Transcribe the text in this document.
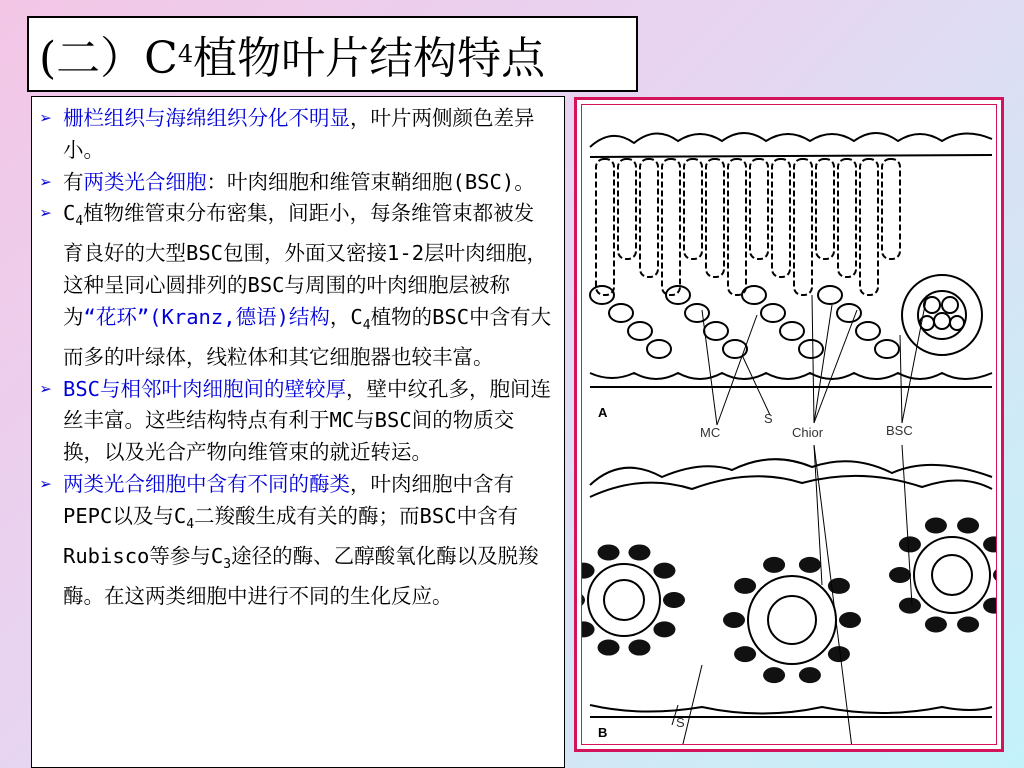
(二）C 4 植物叶片结构特点
➢ 栅栏组织与海绵组织分化不明显，叶片两侧颜色差异小。
➢ 有两类光合细胞：叶肉细胞和维管束鞘细胞(BSC)。
➢ $C_4$植物维管束分布密集，间距小，每条维管束都被发育良好的大型BSC包围，外面又密接1-2层叶肉细胞，这种呈同心圆排列的BSC与周围的叶肉细胞层被称为“花环”(Kranz,德语)结构，$C_4$植物的BSC中含有大而多的叶绿体，线粒体和其它细胞器也较丰富。
➢ BSC与相邻叶肉细胞间的壁较厚，壁中纹孔多，胞间连丝丰富。这些结构特点有利于MC与BSC间的物质交换，以及光合产物向维管束的就近转运。
➢ 两类光合细胞中含有不同的酶类，叶肉细胞中含有PEPC以及与$C_4$二羧酸生成有关的酶；而BSC中含有Rubisco等参与$C_3$途径的酶、乙醇酸氧化酶以及脱羧酶。在这两类细胞中进行不同的生化反应。
A
MC
S
Chior	BSC
B
S
